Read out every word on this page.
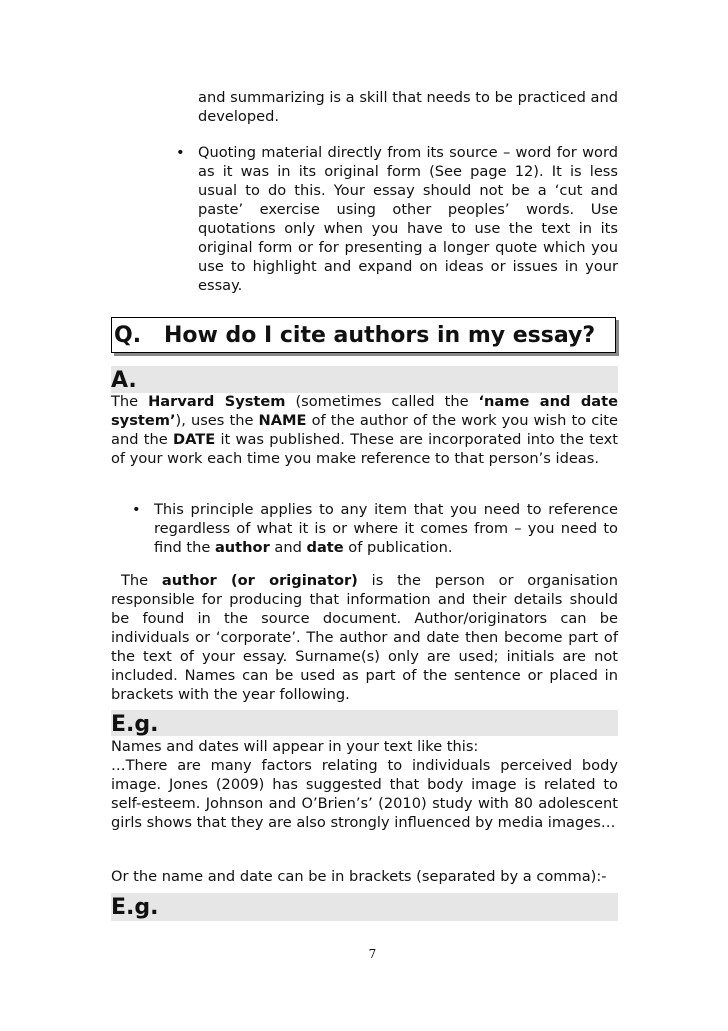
and summarizing is a skill that needs to be practiced and developed.

• Quoting material directly from its source – word for word as it was in its original form (See page 12). It is less usual to do this. Your essay should not be a ‘cut and paste’ exercise using other peoples’ words. Use quotations only when you have to use the text in its original form or for presenting a longer quote which you use to highlight and expand on ideas or issues in your essay.
Q. How do I cite authors in my essay?
A.

The Harvard System (sometimes called the ‘name and date system’), uses the NAME of the author of the work you wish to cite and the DATE it was published. These are incorporated into the text of your work each time you make reference to that person’s ideas.

• This principle applies to any item that you need to reference regardless of what it is or where it comes from – you need to find the author and date of publication.

The author (or originator) is the person or organisation responsible for producing that information and their details should be found in the source document. Author/originators can be individuals or ‘corporate’. The author and date then become part of the text of your essay. Surname(s) only are used; initials are not included. Names can be used as part of the sentence or placed in brackets with the year following.

E.g.

Names and dates will appear in your text like this:

…There are many factors relating to individuals perceived body image. Jones (2009) has suggested that body image is related to self-esteem. Johnson and O’Brien’s’ (2010) study with 80 adolescent girls shows that they are also strongly influenced by media images…

Or the name and date can be in brackets (separated by a comma):-

E.g.
7
